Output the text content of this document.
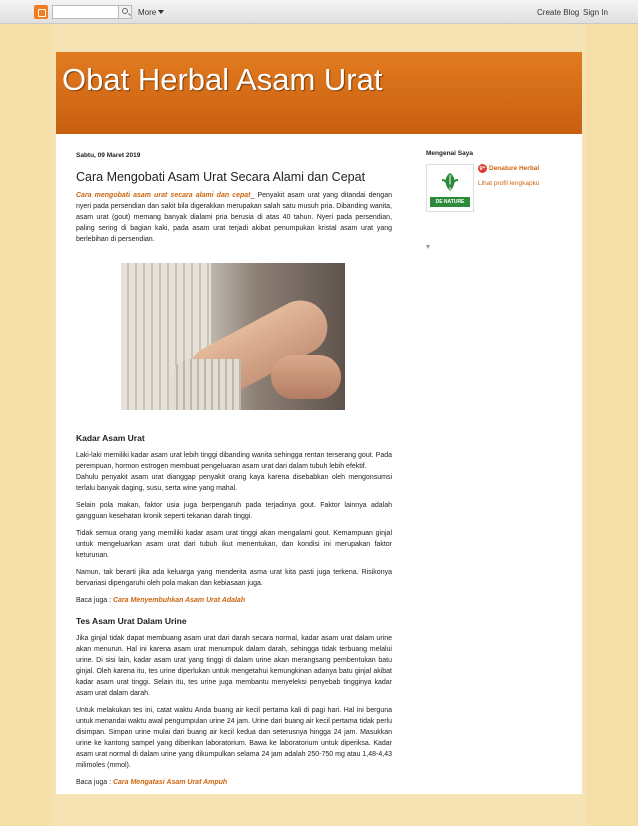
More	Create Blog Sign In
Obat Herbal Asam Urat
Sabtu, 09 Maret 2019
Cara Mengobati Asam Urat Secara Alami dan Cepat
Cara mengobati asam urat secara alami dan cepat_ Penyakit asam urat yang ditandai dengan nyeri pada persendian dan sakit bila digerakkan merupakan salah satu musuh pria. Dibanding wanita, asam urat (gout) memang banyak dialami pria berusia di atas 40 tahun. Nyeri pada persendian, paling sering di bagian kaki, pada asam urat terjadi akibat penumpukan kristal asam urat yang berlebihan di persendian.
Kadar Asam Urat
Laki-laki memiliki kadar asam urat lebih tinggi dibanding wanita sehingga rentan terserang gout. Pada perempuan, hormon estrogen membuat pengeluaran asam urat dari dalam tubuh lebih efektif.
Dahulu penyakit asam urat dianggap penyakit orang kaya karena disebabkan oleh mengonsumsi terlalu banyak daging, susu, serta wine yang mahal.
Selain pola makan, faktor usia juga berpengaruh pada terjadinya gout. Faktor lainnya adalah gangguan kesehatan kronik seperti tekanan darah tinggi.
Tidak semua orang yang memiliki kadar asam urat tinggi akan mengalami gout. Kemampuan ginjal untuk mengeluarkan asam urat dari tubuh ikut menentukan, dan kondisi ini merupakan faktor keturunan.
Namun, tak berarti jika ada keluarga yang menderita asma urat kita pasti juga terkena. Risikonya bervariasi dipengaruhi oleh pola makan dan kebiasaan juga.
Baca juga : Cara Menyembuhkan Asam Urat Adalah
Tes Asam Urat Dalam Urine
Jika ginjal tidak dapat membuang asam urat dari darah secara normal, kadar asam urat dalam urine akan menurun. Hal ini karena asam urat menumpuk dalam darah, sehingga tidak terbuang melalui urine. Di sisi lain, kadar asam urat yang tinggi di dalam urine akan merangsang pembentukan batu ginjal. Oleh karena itu, tes urine diperlukan untuk mengetahui kemungkinan adanya batu ginjal akibat kadar asam urat tinggi. Selain itu, tes urine juga membantu menyeleksi penyebab tingginya kadar asam urat dalam darah.
Untuk melakukan tes ini, catat waktu Anda buang air kecil pertama kali di pagi hari. Hal ini berguna untuk menandai waktu awal pengumpulan urine 24 jam. Urine dari buang air kecil pertama tidak perlu disimpan. Simpan urine mulai dari buang air kecil kedua dan seterusnya hingga 24 jam. Masukkan urine ke kantong sampel yang diberikan laboratorium. Bawa ke laboratorium untuk diperiksa. Kadar asam urat normal di dalam urine yang dikumpulkan selama 24 jam adalah 250-750 mg atau 1,48-4,43 milimoles (mmol).
Baca juga : Cara Mengatasi Asam Urat Ampuh
Mengenai Saya
DE NATURE
g+ Denature Herbal
Lihat profil lengkapku
